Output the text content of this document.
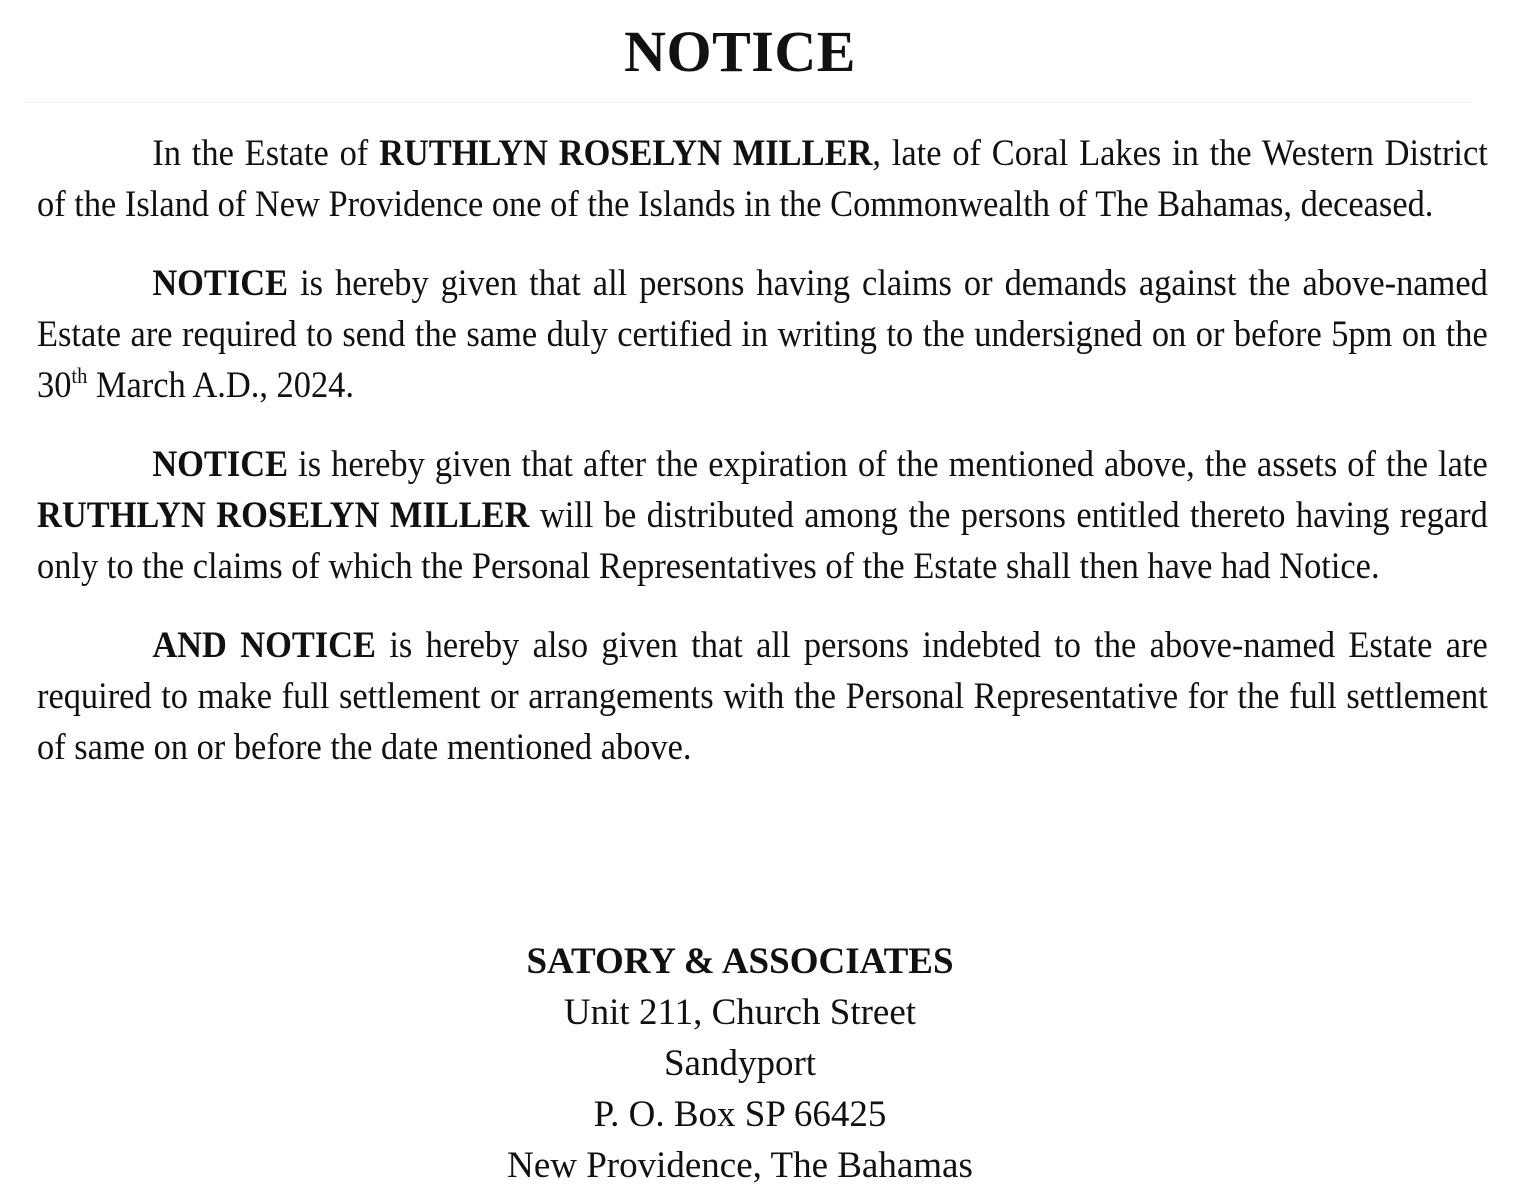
NOTICE

In the Estate of RUTHLYN ROSELYN MILLER, late of Coral Lakes in the Western District of the Island of New Providence one of the Islands in the Commonwealth of The Bahamas, deceased.

NOTICE is hereby given that all persons having claims or demands against the above-named Estate are required to send the same duly certified in writing to the undersigned on or before 5pm on the 30th March A.D., 2024.

NOTICE is hereby given that after the expiration of the mentioned above, the assets of the late RUTHLYN ROSELYN MILLER will be distributed among the persons entitled thereto having regard only to the claims of which the Personal Representatives of the Estate shall then have had Notice.

AND NOTICE is hereby also given that all persons indebted to the above-named Estate are required to make full settlement or arrangements with the Personal Representative for the full settlement of same on or before the date mentioned above.

SATORY & ASSOCIATES
Unit 211, Church Street
Sandyport
P. O. Box SP 66425
New Providence, The Bahamas
